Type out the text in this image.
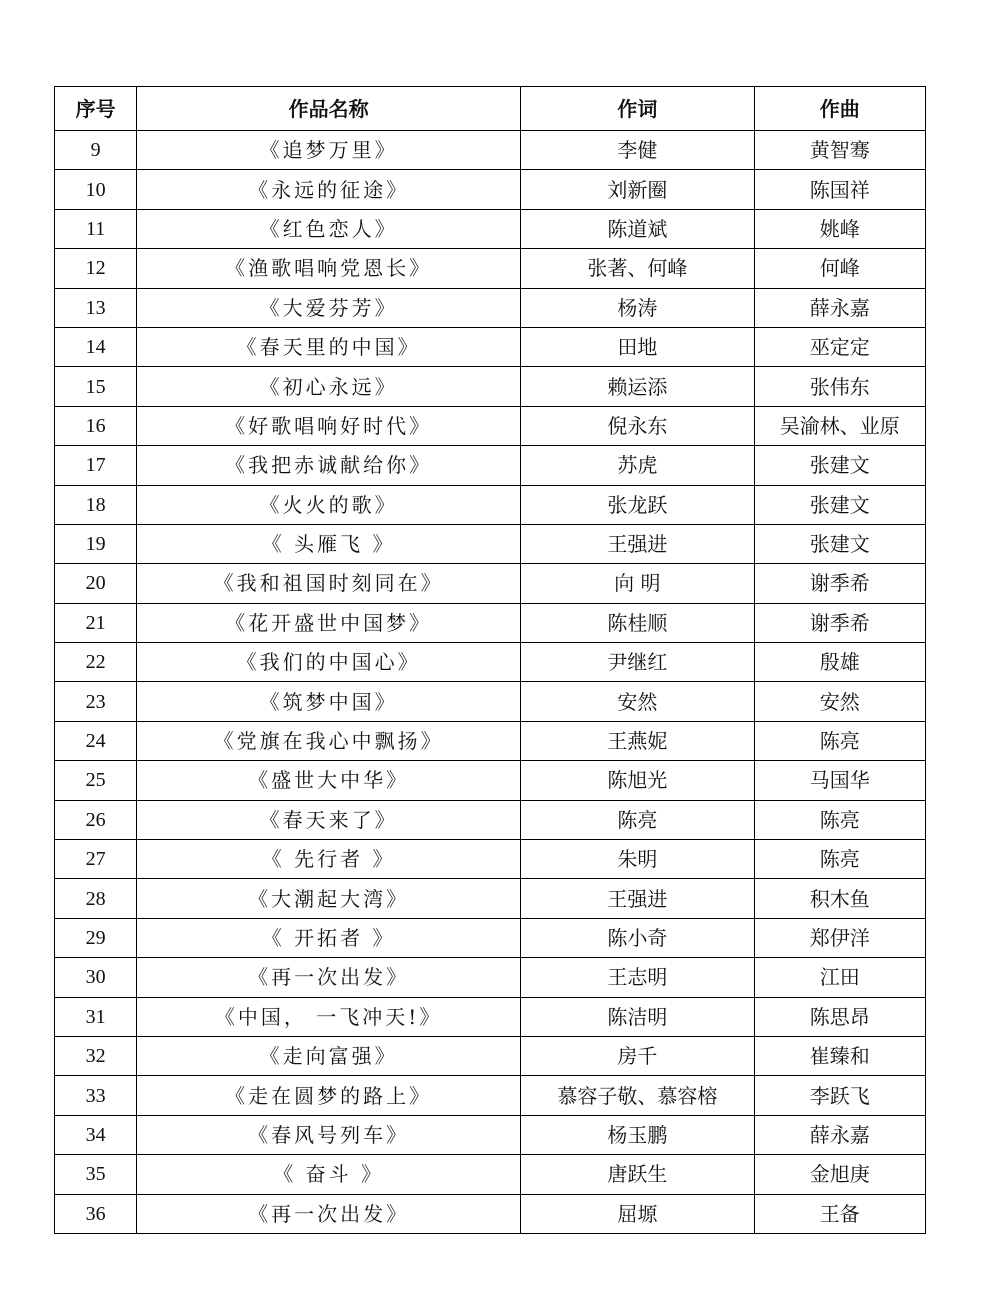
序号	作品名称	作词	作曲
9	《追梦万里》	李健	黄智骞
10	《永远的征途》	刘新圈	陈国祥
11	《红色恋人》	陈道斌	姚峰
12	《渔歌唱响党恩长》	张著、何峰	何峰
13	《大爱芬芳》	杨涛	薛永嘉
14	《春天里的中国》	田地	巫定定
15	《初心永远》	赖运添	张伟东
16	《好歌唱响好时代》	倪永东	吴渝林、业原
17	《我把赤诚献给你》	苏虎	张建文
18	《火火的歌》	张龙跃	张建文
19	《 头雁飞 》	王强进	张建文
20	《我和祖国时刻同在》	向 明	谢季希
21	《花开盛世中国梦》	陈桂顺	谢季希
22	《我们的中国心》	尹继红	殷雄
23	《筑梦中国》	安然	安然
24	《党旗在我心中飘扬》	王燕妮	陈亮
25	《盛世大中华》	陈旭光	马国华
26	《春天来了》	陈亮	陈亮
27	《 先行者 》	朱明	陈亮
28	《大潮起大湾》	王强进	积木鱼
29	《 开拓者 》	陈小奇	郑伊洋
30	《再一次出发》	王志明	江田
31	《中国， 一飞冲天!》	陈洁明	陈思昂
32	《走向富强》	房千	崔臻和
33	《走在圆梦的路上》	慕容子敬、慕容榕	李跃飞
34	《春风号列车》	杨玉鹏	薛永嘉
35	《 奋斗 》	唐跃生	金旭庚
36	《再一次出发》	屈塬	王备
